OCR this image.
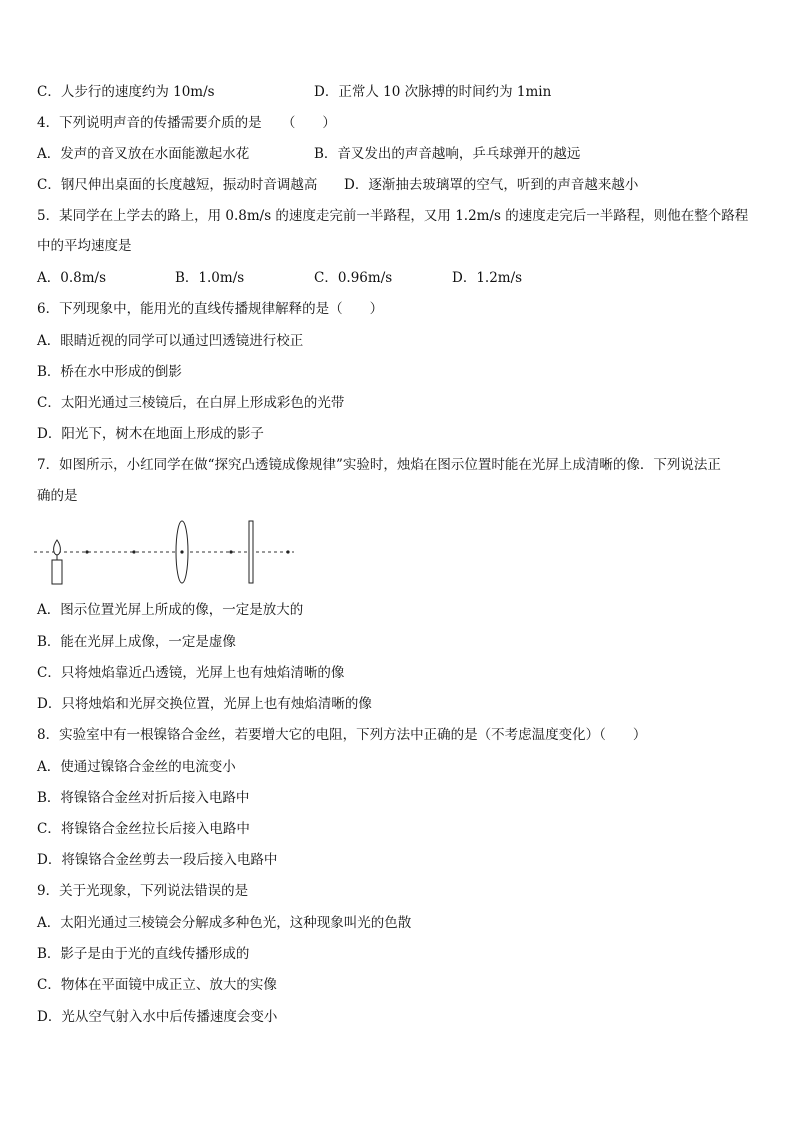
C．人步行的速度约为 10m/s	D．正常人 10 次脉搏的时间约为 1min
4．下列说明声音的传播需要介质的是　　（　　）
A．发声的音叉放在水面能激起水花	B．音叉发出的声音越响，乒乓球弹开的越远
C．钢尺伸出桌面的长度越短，振动时音调越高 D．逐渐抽去玻璃罩的空气，听到的声音越来越小
5．某同学在上学去的路上，用 0.8m/s 的速度走完前一半路程，又用 1.2m/s 的速度走完后一半路程，则他在整个路程
中的平均速度是
A．0.8m/s	B．1.0m/s	C．0.96m/s	D．1.2m/s
6．下列现象中，能用光的直线传播规律解释的是（　　）
A．眼睛近视的同学可以通过凹透镜进行校正
B．桥在水中形成的倒影
C．太阳光通过三棱镜后，在白屏上形成彩色的光带
D．阳光下，树木在地面上形成的影子
7．如图所示，小红同学在做“探究凸透镜成像规律”实验时，烛焰在图示位置时能在光屏上成清晰的像．下列说法正
确的是
A．图示位置光屏上所成的像，一定是放大的
B．能在光屏上成像，一定是虚像
C．只将烛焰靠近凸透镜，光屏上也有烛焰清晰的像
D．只将烛焰和光屏交换位置，光屏上也有烛焰清晰的像
8．实验室中有一根镍铬合金丝，若要增大它的电阻，下列方法中正确的是（不考虑温度变化）（　　）
A．使通过镍铬合金丝的电流变小
B．将镍铬合金丝对折后接入电路中
C．将镍铬合金丝拉长后接入电路中
D．将镍铬合金丝剪去一段后接入电路中
9．关于光现象，下列说法错误的是
A．太阳光通过三棱镜会分解成多种色光，这种现象叫光的色散
B．影子是由于光的直线传播形成的
C．物体在平面镜中成正立、放大的实像
D．光从空气射入水中后传播速度会变小
